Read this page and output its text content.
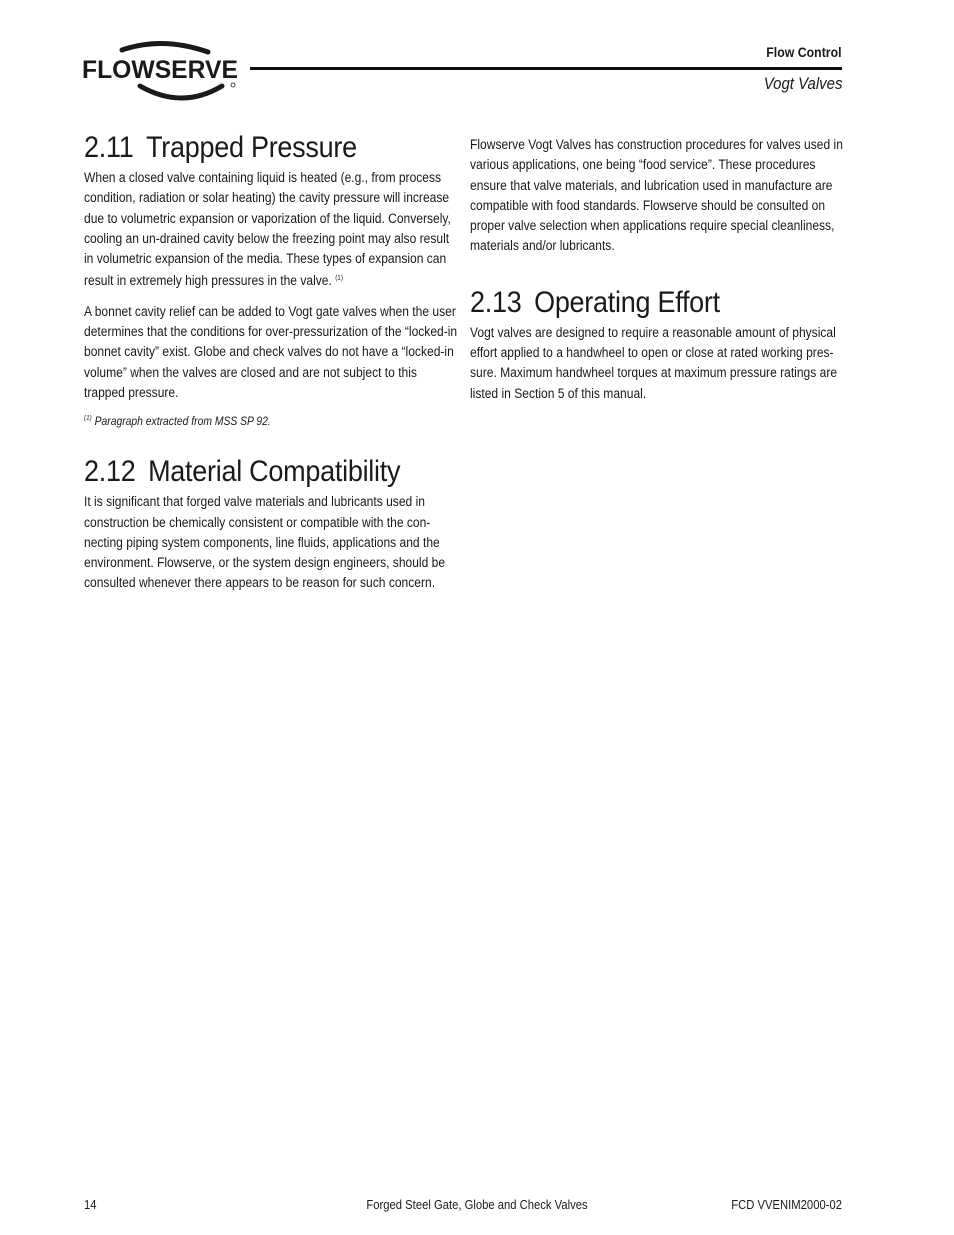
FLOWSERVE
Flow Control
Vogt Valves
2.11 Trapped Pressure

When a closed valve containing liquid is heated (e.g., from process condition, radiation or solar heating) the cavity pressure will increase due to volumetric expansion or vaporization of the liquid. Conversely, cooling an un-drained cavity below the freezing point may also result in volumetric expansion of the media. These types of expansion can result in extremely high pressures in the valve. $^{(1)}$

A bonnet cavity relief can be added to Vogt gate valves when the user determines that the conditions for over-pressurization of the “locked-in bonnet cavity” exist. Globe and check valves do not have a “locked-in volume” when the valves are closed and are not subject to this trapped pressure.

$^{(1)}$ Paragraph extracted from MSS SP 92.

2.12 Material Compatibility

It is significant that forged valve materials and lubricants used in construction be chemically consistent or compatible with the con- necting piping system components, line fluids, applications and the environment. Flowserve, or the system design engineers, should be consulted whenever there appears to be reason for such concern.

Flowserve Vogt Valves has construction procedures for valves used in various applications, one being “food service”. These procedures ensure that valve materials, and lubrication used in manufacture are compatible with food standards. Flowserve should be consulted on proper valve selection when applications require special cleanliness, materials and/or lubricants.

2.13 Operating Effort

Vogt valves are designed to require a reasonable amount of physical effort applied to a handwheel to open or close at rated working pres- sure. Maximum handwheel torques at maximum pressure ratings are listed in Section 5 of this manual.

14	Forged Steel Gate, Globe and Check Valves	FCD VVENIM2000-02
